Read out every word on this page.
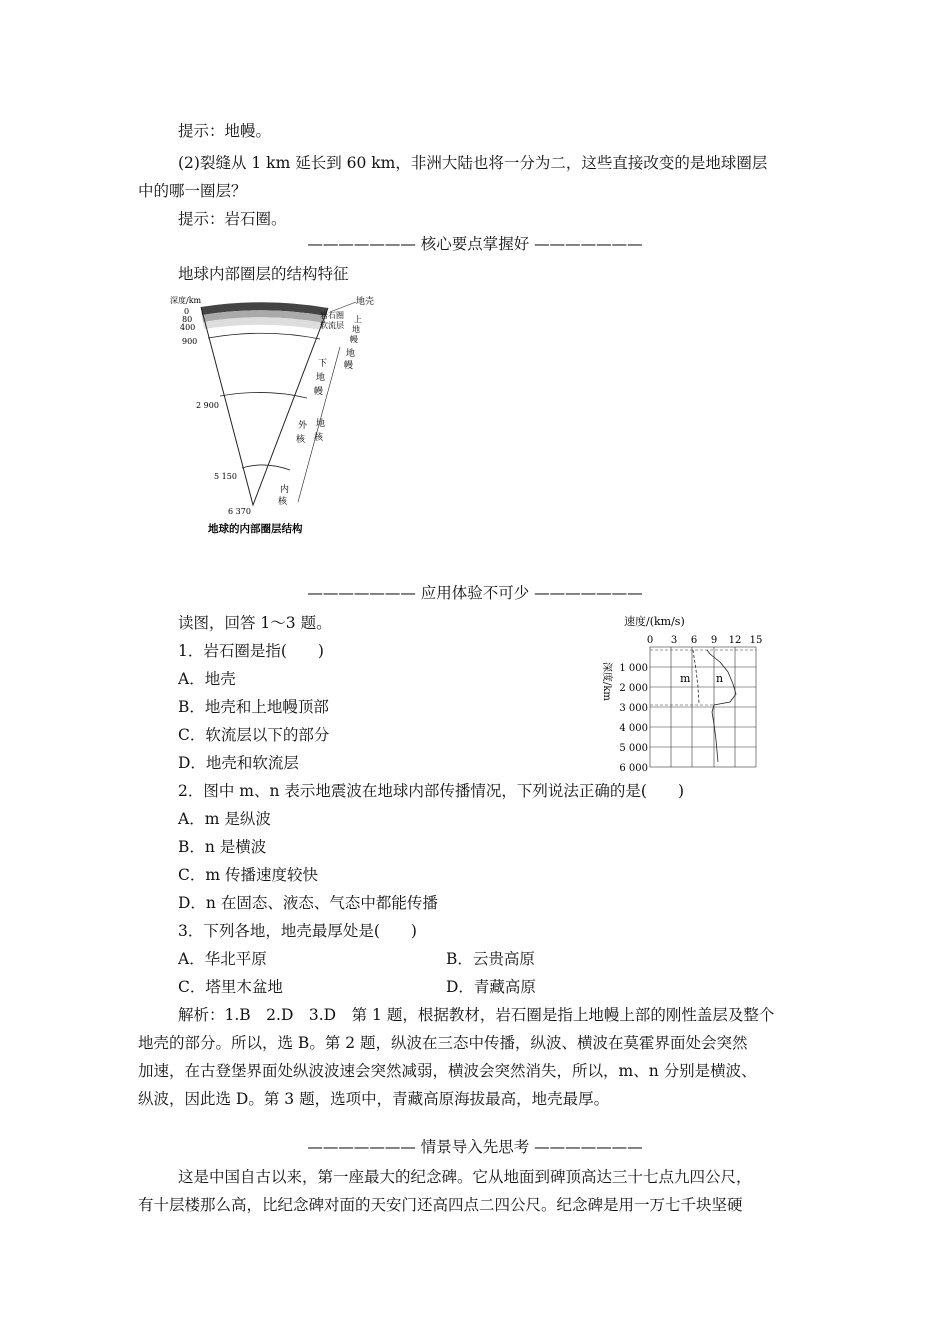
提示：地幔。
(2)裂缝从 1 km 延长到 60 km，非洲大陆也将一分为二，这些直接改变的是地球圈层
中的哪一圈层？
提示：岩石圈。
——————— 核心要点掌握好 ———————
地球内部圈层的结构特征
深度/km
0
80
400
900
2 900
5 150
6 370
地壳
岩石圈
软流层
上
地
幔
地
幔
下
地
幔
外
核
地
核
内
核
地球的内部圈层结构
——————— 应用体验不可少 ———————
读图，回答 1～3 题。
1．岩石圈是指(　　)
A．地壳
B．地壳和上地幔顶部
C．软流层以下的部分
D．地壳和软流层
2．图中 m、n 表示地震波在地球内部传播情况，下列说法正确的是(　　)
A．m 是纵波
B．n 是横波
C．m 传播速度较快
D．n 在固态、液态、气态中都能传播
3．下列各地，地壳最厚处是(　　)
A．华北平原	B．云贵高原
C．塔里木盆地	D．青藏高原
速度/(km/s)
0 3 6 9 12 15
m n
1 000
2 000
3 000
4 000
5 000
6 000
深度/km
解析：1.B　2.D　3.D　第 1 题，根据教材，岩石圈是指上地幔上部的刚性盖层及整个
地壳的部分。所以，选 B。第 2 题，纵波在三态中传播，纵波、横波在莫霍界面处会突然
加速，在古登堡界面处纵波波速会突然减弱，横波会突然消失，所以，m、n 分别是横波、
纵波，因此选 D。第 3 题，选项中，青藏高原海拔最高，地壳最厚。
——————— 情景导入先思考 ———————
这是中国自古以来，第一座最大的纪念碑。它从地面到碑顶高达三十七点九四公尺，
有十层楼那么高，比纪念碑对面的天安门还高四点二四公尺。纪念碑是用一万七千块坚硬
